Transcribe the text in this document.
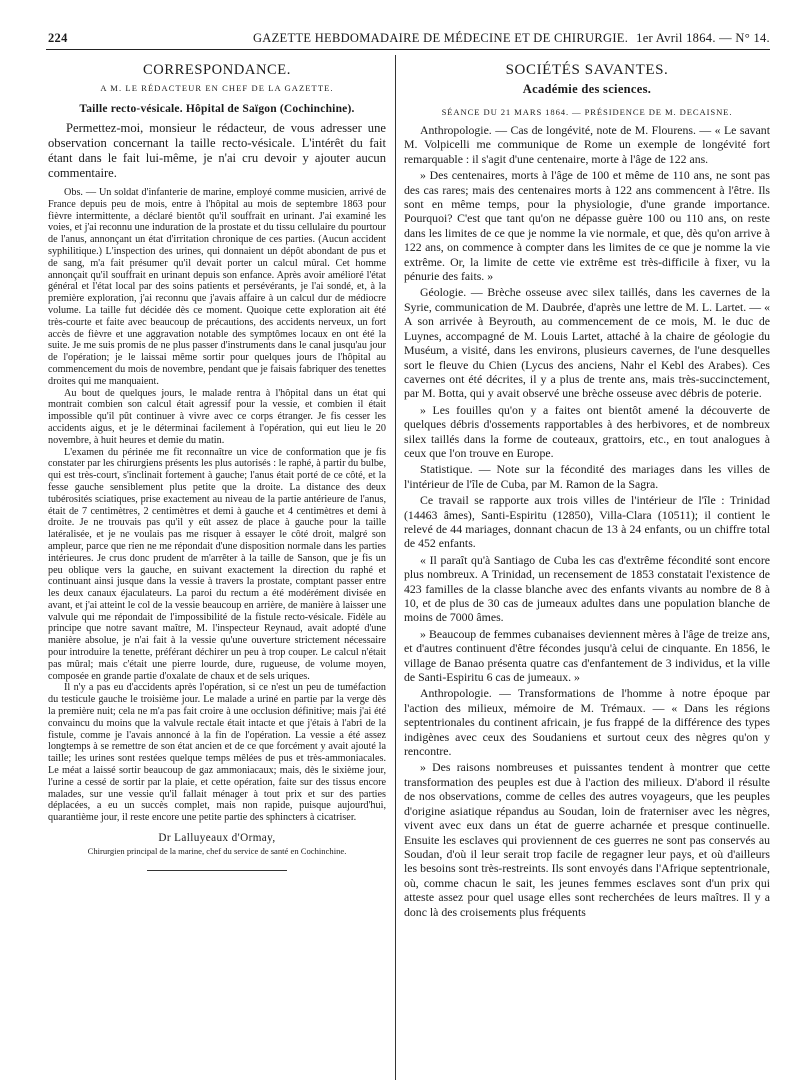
224	GAZETTE HEBDOMADAIRE DE MÉDECINE ET DE CHIRURGIE. 1er Avril 1864. — N° 14.
CORRESPONDANCE.
A M. LE RÉDACTEUR EN CHEF DE LA GAZETTE.
Taille recto-vésicale. Hôpital de Saïgon (Cochinchine).

Permettez-moi, monsieur le rédacteur, de vous adresser une observation concernant la taille recto-vésicale. L'intérêt du fait étant dans le fait lui-même, je n'ai cru devoir y ajouter aucun commentaire.

Obs. — Un soldat d'infanterie de marine, employé comme musicien, arrivé de France depuis peu de mois, entre à l'hôpital au mois de septembre 1863 pour fièvre intermittente, a déclaré bientôt qu'il souffrait en urinant. J'ai examiné les voies, et j'ai reconnu une induration de la prostate et du tissu cellulaire du pourtour de l'anus, annonçant un état d'irritation chronique de ces parties. (Aucun accident syphilitique.) L'inspection des urines, qui donnaient un dépôt abondant de pus et de sang, m'a fait présumer qu'il devait porter un calcul mûral. Cet homme annonçait qu'il souffrait en urinant depuis son enfance. Après avoir amélioré l'état général et l'état local par des soins patients et persévérants, je l'ai sondé, et, à la première exploration, j'ai reconnu que j'avais affaire à un calcul dur de médiocre volume. La taille fut décidée dès ce moment. Quoique cette exploration ait été très-courte et faite avec beaucoup de précautions, des accidents nerveux, un fort accès de fièvre et une aggravation notable des symptômes locaux en ont été la suite. Je me suis promis de ne plus passer d'instruments dans le canal jusqu'au jour de l'opération; je le laissai même sortir pour quelques jours de l'hôpital au commencement du mois de novembre, pendant que je faisais fabriquer des tenettes droites qui me manquaient.

Au bout de quelques jours, le malade rentra à l'hôpital dans un état qui montrait combien son calcul était agressif pour la vessie, et combien il était impossible qu'il pût continuer à vivre avec ce corps étranger. Je fis cesser les accidents aigus, et je le déterminai facilement à l'opération, qui eut lieu le 20 novembre, à huit heures et demie du matin.

L'examen du périnée me fit reconnaître un vice de conformation que je fis constater par les chirurgiens présents les plus autorisés : le raphé, à partir du bulbe, qui est très-court, s'inclinait fortement à gauche; l'anus était porté de ce côté, et la fesse gauche sensiblement plus petite que la droite. La distance des deux tubérosités sciatiques, prise exactement au niveau de la partie antérieure de l'anus, était de 7 centimètres, 2 centimètres et demi à gauche et 4 centimètres et demi à droite. Je ne trouvais pas qu'il y eût assez de place à gauche pour la taille latéralisée, et je ne voulais pas me risquer à essayer le côté droit, malgré son ampleur, parce que rien ne me répondait d'une disposition normale dans les parties intérieures. Je crus donc prudent de m'arrêter à la taille de Sanson, que je fis un peu oblique vers la gauche, en suivant exactement la direction du raphé et continuant ainsi jusque dans la vessie à travers la prostate, comptant passer entre les deux canaux éjaculateurs. La paroi du rectum a été modérément divisée en avant, et j'ai atteint le col de la vessie beaucoup en arrière, de manière à laisser une valvule qui me répondait de l'impossibilité de la fistule recto-vésicale. Fidèle au principe que notre savant maître, M. l'inspecteur Reynaud, avait adopté d'une manière absolue, je n'ai fait à la vessie qu'une ouverture strictement nécessaire pour introduire la tenette, préférant déchirer un peu à trop couper. Le calcul n'était pas mûral; mais c'était une pierre lourde, dure, rugueuse, de volume moyen, composée en grande partie d'oxalate de chaux et de sels uriques.

Il n'y a pas eu d'accidents après l'opération, si ce n'est un peu de tuméfaction du testicule gauche le troisième jour. Le malade a uriné en partie par la verge dès la première nuit; cela ne m'a pas fait croire à une occlusion définitive; mais j'ai été convaincu du moins que la valvule rectale était intacte et que j'étais à l'abri de la fistule, comme je l'avais annoncé à la fin de l'opération. La vessie a été assez longtemps à se remettre de son état ancien et de ce que forcément y avait ajouté la taille; les urines sont restées quelque temps mêlées de pus et très-ammoniacales. Le méat a laissé sortir beaucoup de gaz ammoniacaux; mais, dès le sixième jour, l'urine a cessé de sortir par la plaie, et cette opération, faite sur des tissus encore malades, sur une vessie qu'il fallait ménager à tout prix et sur des parties déplacées, a eu un succès complet, mais non rapide, puisque aujourd'hui, quarantième jour, il reste encore une petite partie des sphincters à cicatriser.

Dr Lalluyeaux d'Ormay,
Chirurgien principal de la marine, chef du service de santé en Cochinchine.
SOCIÉTÉS SAVANTES.
Académie des sciences.
SÉANCE DU 21 MARS 1864. — PRÉSIDENCE DE M. DECAISNE.

Anthropologie. — Cas de longévité, note de M. Flourens. — « Le savant M. Volpicelli me communique de Rome un exemple de longévité fort remarquable : il s'agit d'une centenaire, morte à l'âge de 122 ans.

» Des centenaires, morts à l'âge de 100 et même de 110 ans, ne sont pas des cas rares; mais des centenaires morts à 122 ans commencent à l'être. Ils sont en même temps, pour la physiologie, d'une grande importance. Pourquoi? C'est que tant qu'on ne dépasse guère 100 ou 110 ans, on reste dans les limites de ce que je nomme la vie normale, et que, dès qu'on arrive à 122 ans, on commence à compter dans les limites de ce que je nomme la vie extrême. Or, la limite de cette vie extrême est très-difficile à fixer, vu la pénurie des faits. »

Géologie. — Brèche osseuse avec silex taillés, dans les cavernes de la Syrie, communication de M. Daubrée, d'après une lettre de M. L. Lartet. — « A son arrivée à Beyrouth, au commencement de ce mois, M. le duc de Luynes, accompagné de M. Louis Lartet, attaché à la chaire de géologie du Muséum, a visité, dans les environs, plusieurs cavernes, de l'une desquelles sort le fleuve du Chien (Lycus des anciens, Nahr el Kebl des Arabes). Ces cavernes ont été décrites, il y a plus de trente ans, mais très-succinctement, par M. Botta, qui y avait observé une brèche osseuse avec débris de poterie.

» Les fouilles qu'on y a faites ont bientôt amené la découverte de quelques débris d'ossements rapportables à des herbivores, et de nombreux silex taillés dans la forme de couteaux, grattoirs, etc., en tout analogues à ceux que l'on trouve en Europe.

Statistique. — Note sur la fécondité des mariages dans les villes de l'intérieur de l'île de Cuba, par M. Ramon de la Sagra.

Ce travail se rapporte aux trois villes de l'intérieur de l'île : Trinidad (14463 âmes), Santi-Espiritu (12850), Villa-Clara (10511); il contient le relevé de 44 mariages, donnant chacun de 13 à 24 enfants, ou un chiffre total de 452 enfants.

« Il paraît qu'à Santiago de Cuba les cas d'extrême fécondité sont encore plus nombreux. A Trinidad, un recensement de 1853 constatait l'existence de 423 familles de la classe blanche avec des enfants vivants au nombre de 8 à 10, et de plus de 30 cas de jumeaux adultes dans une population blanche de moins de 7000 âmes.

» Beaucoup de femmes cubanaises deviennent mères à l'âge de treize ans, et d'autres continuent d'être fécondes jusqu'à celui de cinquante. En 1856, le village de Banao présenta quatre cas d'enfantement de 3 individus, et la ville de Santi-Espiritu 6 cas de jumeaux. »

Anthropologie. — Transformations de l'homme à notre époque par l'action des milieux, mémoire de M. Trémaux. — « Dans les régions septentrionales du continent africain, je fus frappé de la différence des types indigènes avec ceux des Soudaniens et surtout ceux des nègres qu'on y rencontre.

» Des raisons nombreuses et puissantes tendent à montrer que cette transformation des peuples est due à l'action des milieux. D'abord il résulte de nos observations, comme de celles des autres voyageurs, que les peuples d'origine asiatique répandus au Soudan, loin de fraterniser avec les nègres, vivent avec eux dans un état de guerre acharnée et presque continuelle. Ensuite les esclaves qui proviennent de ces guerres ne sont pas conservés au Soudan, d'où il leur serait trop facile de regagner leur pays, et où d'ailleurs les besoins sont très-restreints. Ils sont envoyés dans l'Afrique septentrionale, où, comme chacun le sait, les jeunes femmes esclaves sont d'un prix qui atteste assez pour quel usage elles sont recherchées de leurs maîtres. Il y a donc là des croisements plus fréquents
